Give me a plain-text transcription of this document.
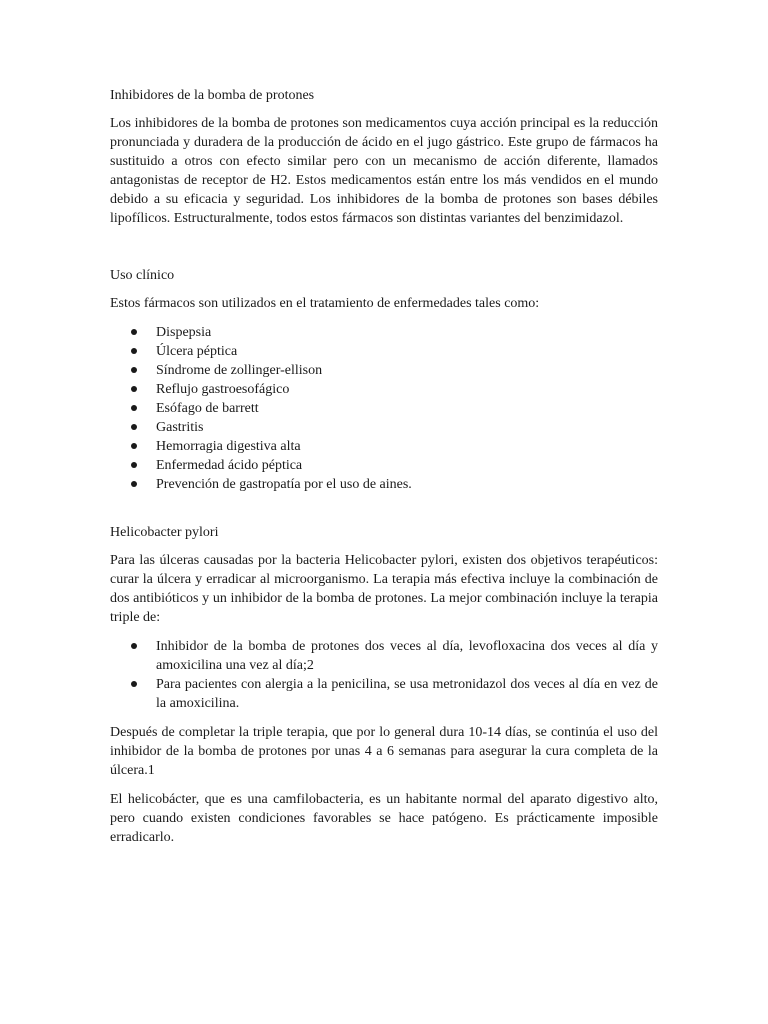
Inhibidores de la bomba de protones

Los inhibidores de la bomba de protones son medicamentos cuya acción principal es la reducción pronunciada y duradera de la producción de ácido en el jugo gástrico. Este grupo de fármacos ha sustituido a otros con efecto similar pero con un mecanismo de acción diferente, llamados antagonistas de receptor de H2. Estos medicamentos están entre los más vendidos en el mundo debido a su eficacia y seguridad. Los inhibidores de la bomba de protones son bases débiles lipofílicos. Estructuralmente, todos estos fármacos son distintas variantes del benzimidazol.

Uso clínico

Estos fármacos son utilizados en el tratamiento de enfermedades tales como:

Dispepsia
Úlcera péptica
Síndrome de zollinger-ellison
Reflujo gastroesofágico
Esófago de barrett
Gastritis
Hemorragia digestiva alta
Enfermedad ácido péptica
Prevención de gastropatía por el uso de aines.
Helicobacter pylori

Para las úlceras causadas por la bacteria Helicobacter pylori, existen dos objetivos terapéuticos: curar la úlcera y erradicar al microorganismo. La terapia más efectiva incluye la combinación de dos antibióticos y un inhibidor de la bomba de protones. La mejor combinación incluye la terapia triple de:

Inhibidor de la bomba de protones dos veces al día, levofloxacina dos veces al día y amoxicilina una vez al día;2
Para pacientes con alergia a la penicilina, se usa metronidazol dos veces al día en vez de la amoxicilina.

Después de completar la triple terapia, que por lo general dura 10-14 días, se continúa el uso del inhibidor de la bomba de protones por unas 4 a 6 semanas para asegurar la cura completa de la úlcera.1

El helicobácter, que es una camfilobacteria, es un habitante normal del aparato digestivo alto, pero cuando existen condiciones favorables se hace patógeno. Es prácticamente imposible erradicarlo.
